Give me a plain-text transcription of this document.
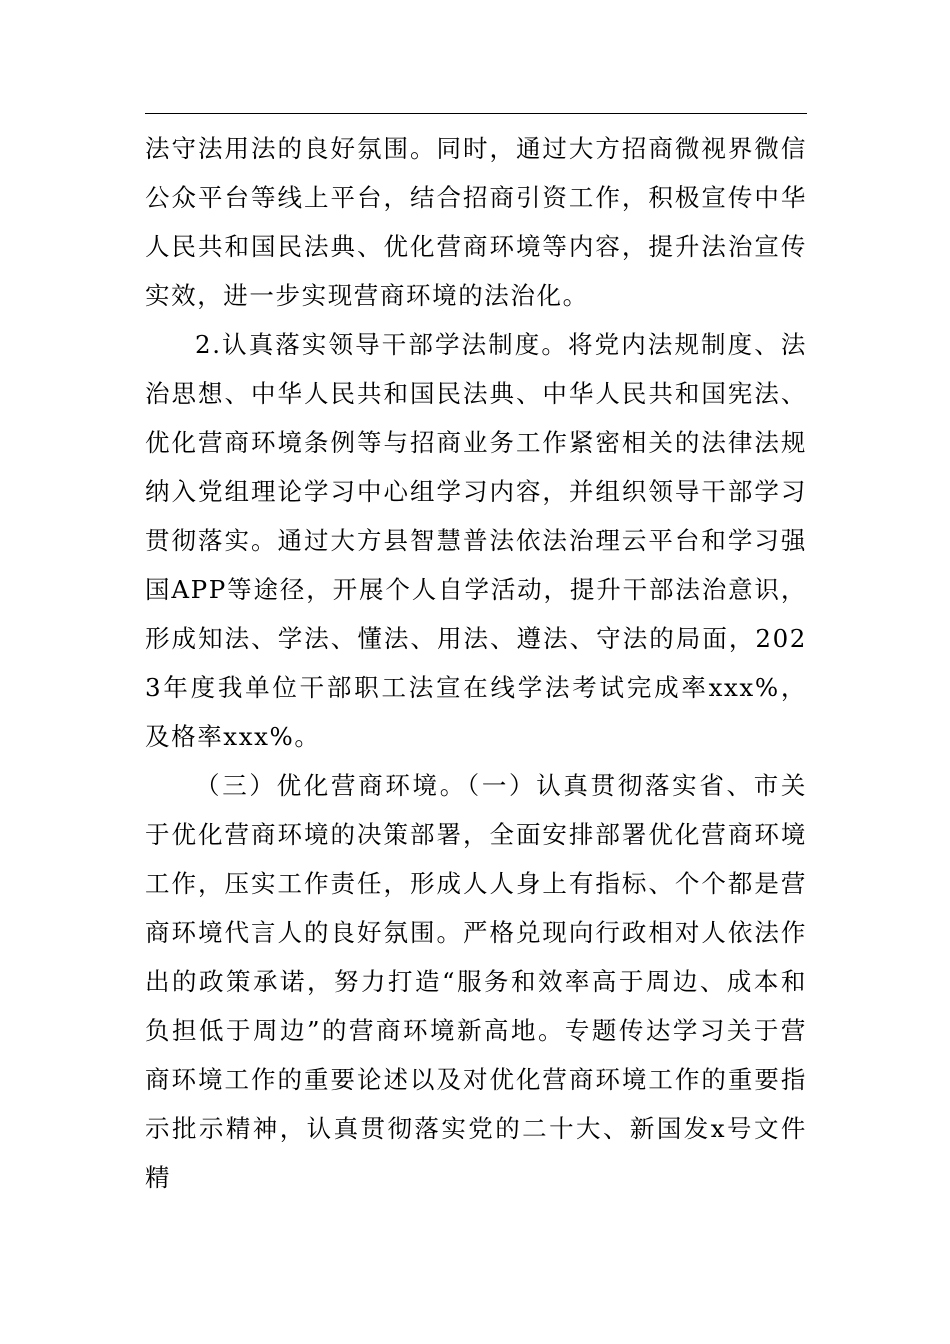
法守法用法的良好氛围。同时，通过大方招商微视界微信公众平台等线上平台，结合招商引资工作，积极宣传中华人民共和国民法典、优化营商环境等内容，提升法治宣传实效，进一步实现营商环境的法治化。

2.认真落实领导干部学法制度。将党内法规制度、法治思想、中华人民共和国民法典、中华人民共和国宪法、优化营商环境条例等与招商业务工作紧密相关的法律法规纳入党组理论学习中心组学习内容，并组织领导干部学习贯彻落实。通过大方县智慧普法依法治理云平台和学习强国APP等途径，开展个人自学活动，提升干部法治意识，形成知法、学法、懂法、用法、遵法、守法的局面，2023年度我单位干部职工法宣在线学法考试完成率xxx%，及格率xxx%。

（三）优化营商环境。（一）认真贯彻落实省、市关于优化营商环境的决策部署，全面安排部署优化营商环境工作，压实工作责任，形成人人身上有指标、个个都是营商环境代言人的良好氛围。严格兑现向行政相对人依法作出的政策承诺，努力打造“服务和效率高于周边、成本和负担低于周边”的营商环境新高地。专题传达学习关于营商环境工作的重要论述以及对优化营商环境工作的重要指示批示精神，认真贯彻落实党的二十大、新国发x号文件精
